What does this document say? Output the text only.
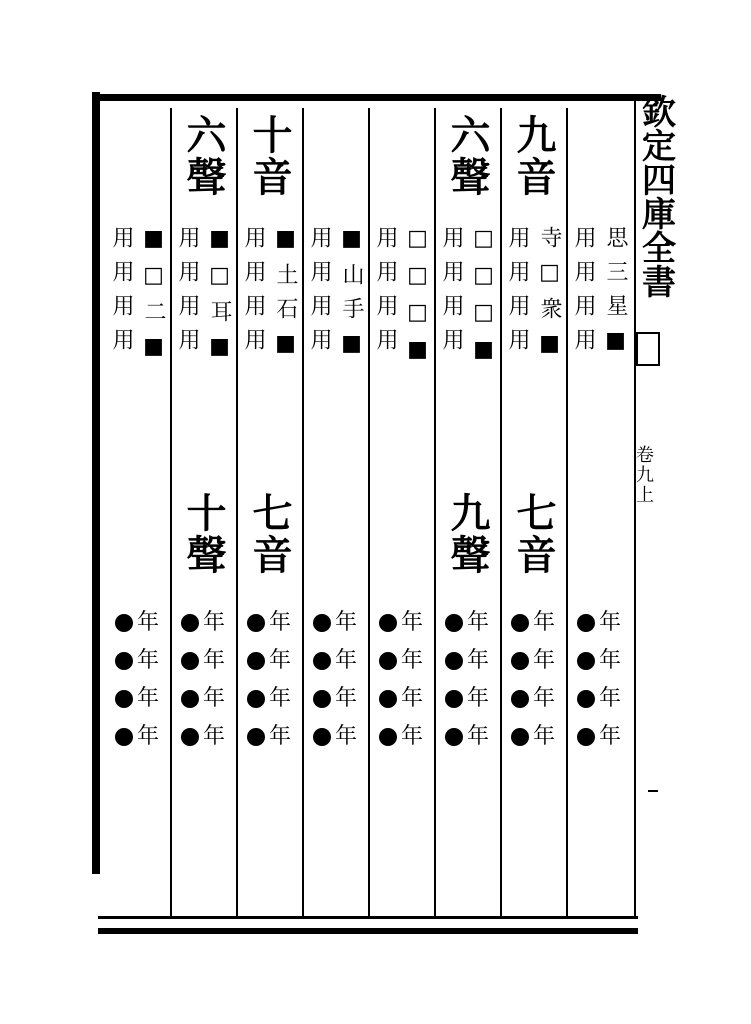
欽
定
四
庫
全
書
卷
九
上
思三星■
用用用用
年
年
年
年
九音
寺□衆■
用用用用
七音
年
年
年
年
六聲
□□□■
用用用用
九聲
年
年
年
年
□□□■
用用用用
年
年
年
年
■山手■
用用用用
年
年
年
年
十音
■土石■
用用用用
七音
年
年
年
年
六聲
■□耳■
用用用用
十聲
年
年
年
年
■□二■
用用用用
年
年
年
年
